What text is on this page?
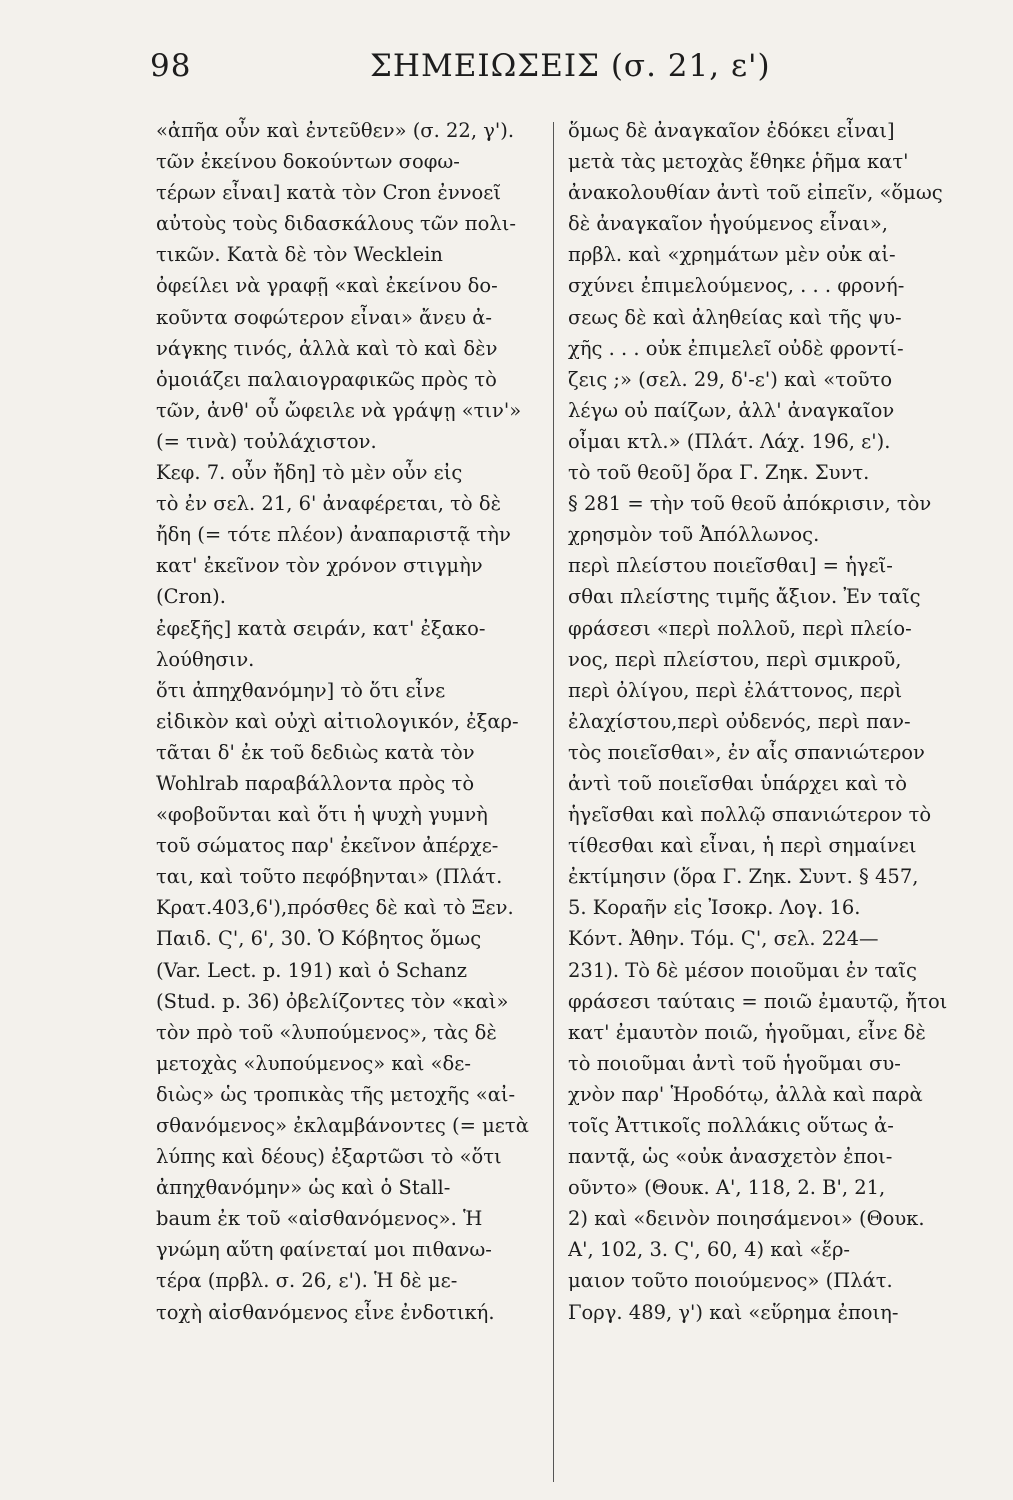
98	ΣΗΜΕΙΩΣΕΙΣ (σ. 21, ε')
«ἀπῆα οὖν καὶ ἐντεῦθεν» (σ. 22, γ').
τῶν ἐκείνου δοκούντων σοφω-
τέρων εἶναι] κατὰ τὸν Cron ἐννοεῖ
αὐτοὺς τοὺς διδασκάλους τῶν πολι-
τικῶν. Κατὰ δὲ τὸν Wecklein
ὀφείλει νὰ γραφῇ «καὶ ἐκείνου δο-
κοῦντα σοφώτερον εἶναι» ἄνευ ἀ-
νάγκης τινός, ἀλλὰ καὶ τὸ καὶ δὲν
ὁμοιάζει παλαιογραφικῶς πρὸς τὸ
τῶν, ἀνθ' οὗ ὤφειλε νὰ γράψῃ «τιν'»
(= τινὰ) τοὐλάχιστον.
Κεφ. 7. οὖν ἤδη] τὸ μὲν οὖν εἰς
τὸ ἐν σελ. 21, 6' ἀναφέρεται, τὸ δὲ
ἤδη (= τότε πλέον) ἀναπαριστᾷ τὴν
κατ' ἐκεῖνον τὸν χρόνον στιγμὴν
(Cron).
ἐφεξῆς] κατὰ σειράν, κατ' ἐξακο-
λούθησιν.
ὅτι ἀπηχθανόμην] τὸ ὅτι εἶνε
εἰδικὸν καὶ οὐχὶ αἰτιολογικόν, ἐξαρ-
τᾶται δ' ἐκ τοῦ δεδιὼς κατὰ τὸν
Wohlrab παραβάλλοντα πρὸς τὸ
«φοβοῦνται καὶ ὅτι ἡ ψυχὴ γυμνὴ
τοῦ σώματος παρ' ἐκεῖνον ἀπέρχε-
ται, καὶ τοῦτο πεφόβηνται» (Πλάτ.
Κρατ.403,6'),πρόσθες δὲ καὶ τὸ Ξεν.
Παιδ. Ϛ', 6', 30. Ὁ Κόβητος ὅμως
(Var. Lect. p. 191) καὶ ὁ Schanz
(Stud. p. 36) ὀβελίζοντες τὸν «καὶ»
τὸν πρὸ τοῦ «λυπούμενος», τὰς δὲ
μετοχὰς «λυπούμενος» καὶ «δε-
διὼς» ὡς τροπικὰς τῆς μετοχῆς «αἰ-
σθανόμενος» ἐκλαμβάνοντες (= μετὰ
λύπης καὶ δέους) ἐξαρτῶσι τὸ «ὅτι
ἀπηχθανόμην» ὡς καὶ ὁ Stall-
baum ἐκ τοῦ «αἰσθανόμενος». Ἡ
γνώμη αὕτη φαίνεταί μοι πιθανω-
τέρα (πρβλ. σ. 26, ε'). Ἡ δὲ με-
τοχὴ αἰσθανόμενος εἶνε ἐνδοτική.
ὅμως δὲ ἀναγκαῖον ἐδόκει εἶναι]
μετὰ τὰς μετοχὰς ἔθηκε ῥῆμα κατ'
ἀνακολουθίαν ἀντὶ τοῦ εἰπεῖν, «ὅμως
δὲ ἀναγκαῖον ἡγούμενος εἶναι»,
πρβλ. καὶ «χρημάτων μὲν οὐκ αἰ-
σχύνει ἐπιμελούμενος, . . . φρονή-
σεως δὲ καὶ ἀληθείας καὶ τῆς ψυ-
χῆς . . . οὐκ ἐπιμελεῖ οὐδὲ φροντί-
ζεις ;» (σελ. 29, δ'-ε') καὶ «τοῦτο
λέγω οὐ παίζων, ἀλλ' ἀναγκαῖον
οἶμαι κτλ.» (Πλάτ. Λάχ. 196, ε').
τὸ τοῦ θεοῦ] ὅρα Γ. Ζηκ. Συντ.
§ 281 = τὴν τοῦ θεοῦ ἀπόκρισιν, τὸν
χρησμὸν τοῦ Ἀπόλλωνος.
περὶ πλείστου ποιεῖσθαι] = ἡγεῖ-
σθαι πλείστης τιμῆς ἄξιον. Ἐν ταῖς
φράσεσι «περὶ πολλοῦ, περὶ πλείο-
νος, περὶ πλείστου, περὶ σμικροῦ,
περὶ ὀλίγου, περὶ ἐλάττονος, περὶ
ἐλαχίστου,περὶ οὐδενός, περὶ παν-
τὸς ποιεῖσθαι», ἐν αἷς σπανιώτερον
ἀντὶ τοῦ ποιεῖσθαι ὑπάρχει καὶ τὸ
ἡγεῖσθαι καὶ πολλῷ σπανιώτερον τὸ
τίθεσθαι καὶ εἶναι, ἡ περὶ σημαίνει
ἐκτίμησιν (ὅρα Γ. Ζηκ. Συντ. § 457,
5. Κοραῆν εἰς Ἰσοκρ. Λογ. 16.
Κόντ. Ἀθην. Τόμ. Ϛ', σελ. 224—
231). Τὸ δὲ μέσον ποιοῦμαι ἐν ταῖς
φράσεσι ταύταις = ποιῶ ἐμαυτῷ, ἤτοι
κατ' ἐμαυτὸν ποιῶ, ἡγοῦμαι, εἶνε δὲ
τὸ ποιοῦμαι ἀντὶ τοῦ ἡγοῦμαι συ-
χνὸν παρ' Ἡροδότῳ, ἀλλὰ καὶ παρὰ
τοῖς Ἀττικοῖς πολλάκις οὕτως ἀ-
παντᾷ, ὡς «οὐκ ἀνασχετὸν ἐποι-
οῦντο» (Θουκ. Α', 118, 2. Β', 21,
2) καὶ «δεινὸν ποιησάμενοι» (Θουκ.
Α', 102, 3. Ϛ', 60, 4) καὶ «ἕρ-
μαιον τοῦτο ποιούμενος» (Πλάτ.
Γοργ. 489, γ') καὶ «εὕρημα ἐποιη-
